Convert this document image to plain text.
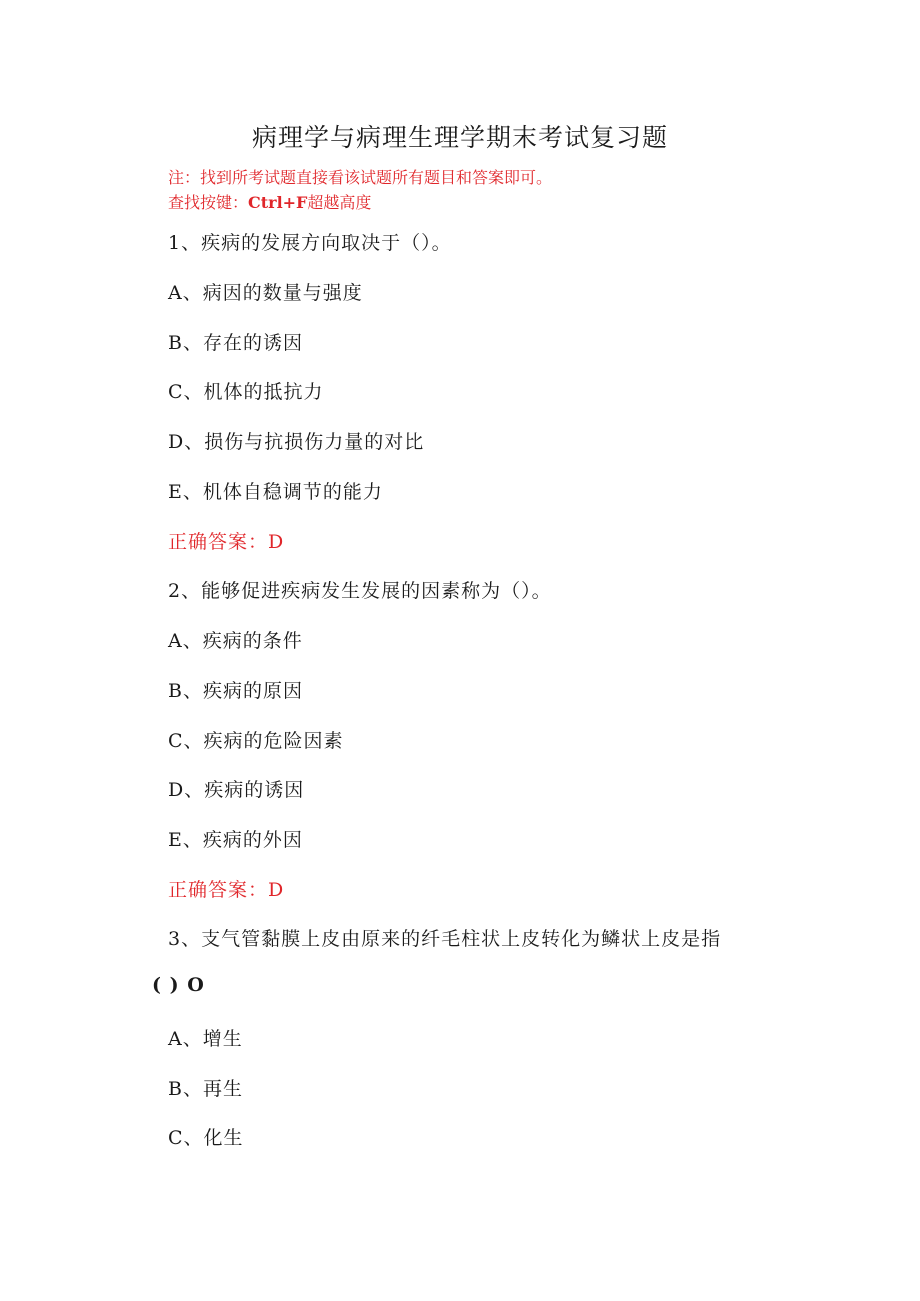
病理学与病理生理学期末考试复习题
注：找到所考试题直接看该试题所有题目和答案即可。
查找按键：Ctrl+F超越高度
1、疾病的发展方向取决于（）。
A、病因的数量与强度
B、存在的诱因
C、机体的抵抗力
D、损伤与抗损伤力量的对比
E、机体自稳调节的能力
正确答案：D
2、能够促进疾病发生发展的因素称为（）。
A、疾病的条件
B、疾病的原因
C、疾病的危险因素
D、疾病的诱因
E、疾病的外因
正确答案：D
3、支气管黏膜上皮由原来的纤毛柱状上皮转化为鳞状上皮是指
( ) O
A、增生
B、再生
C、化生
